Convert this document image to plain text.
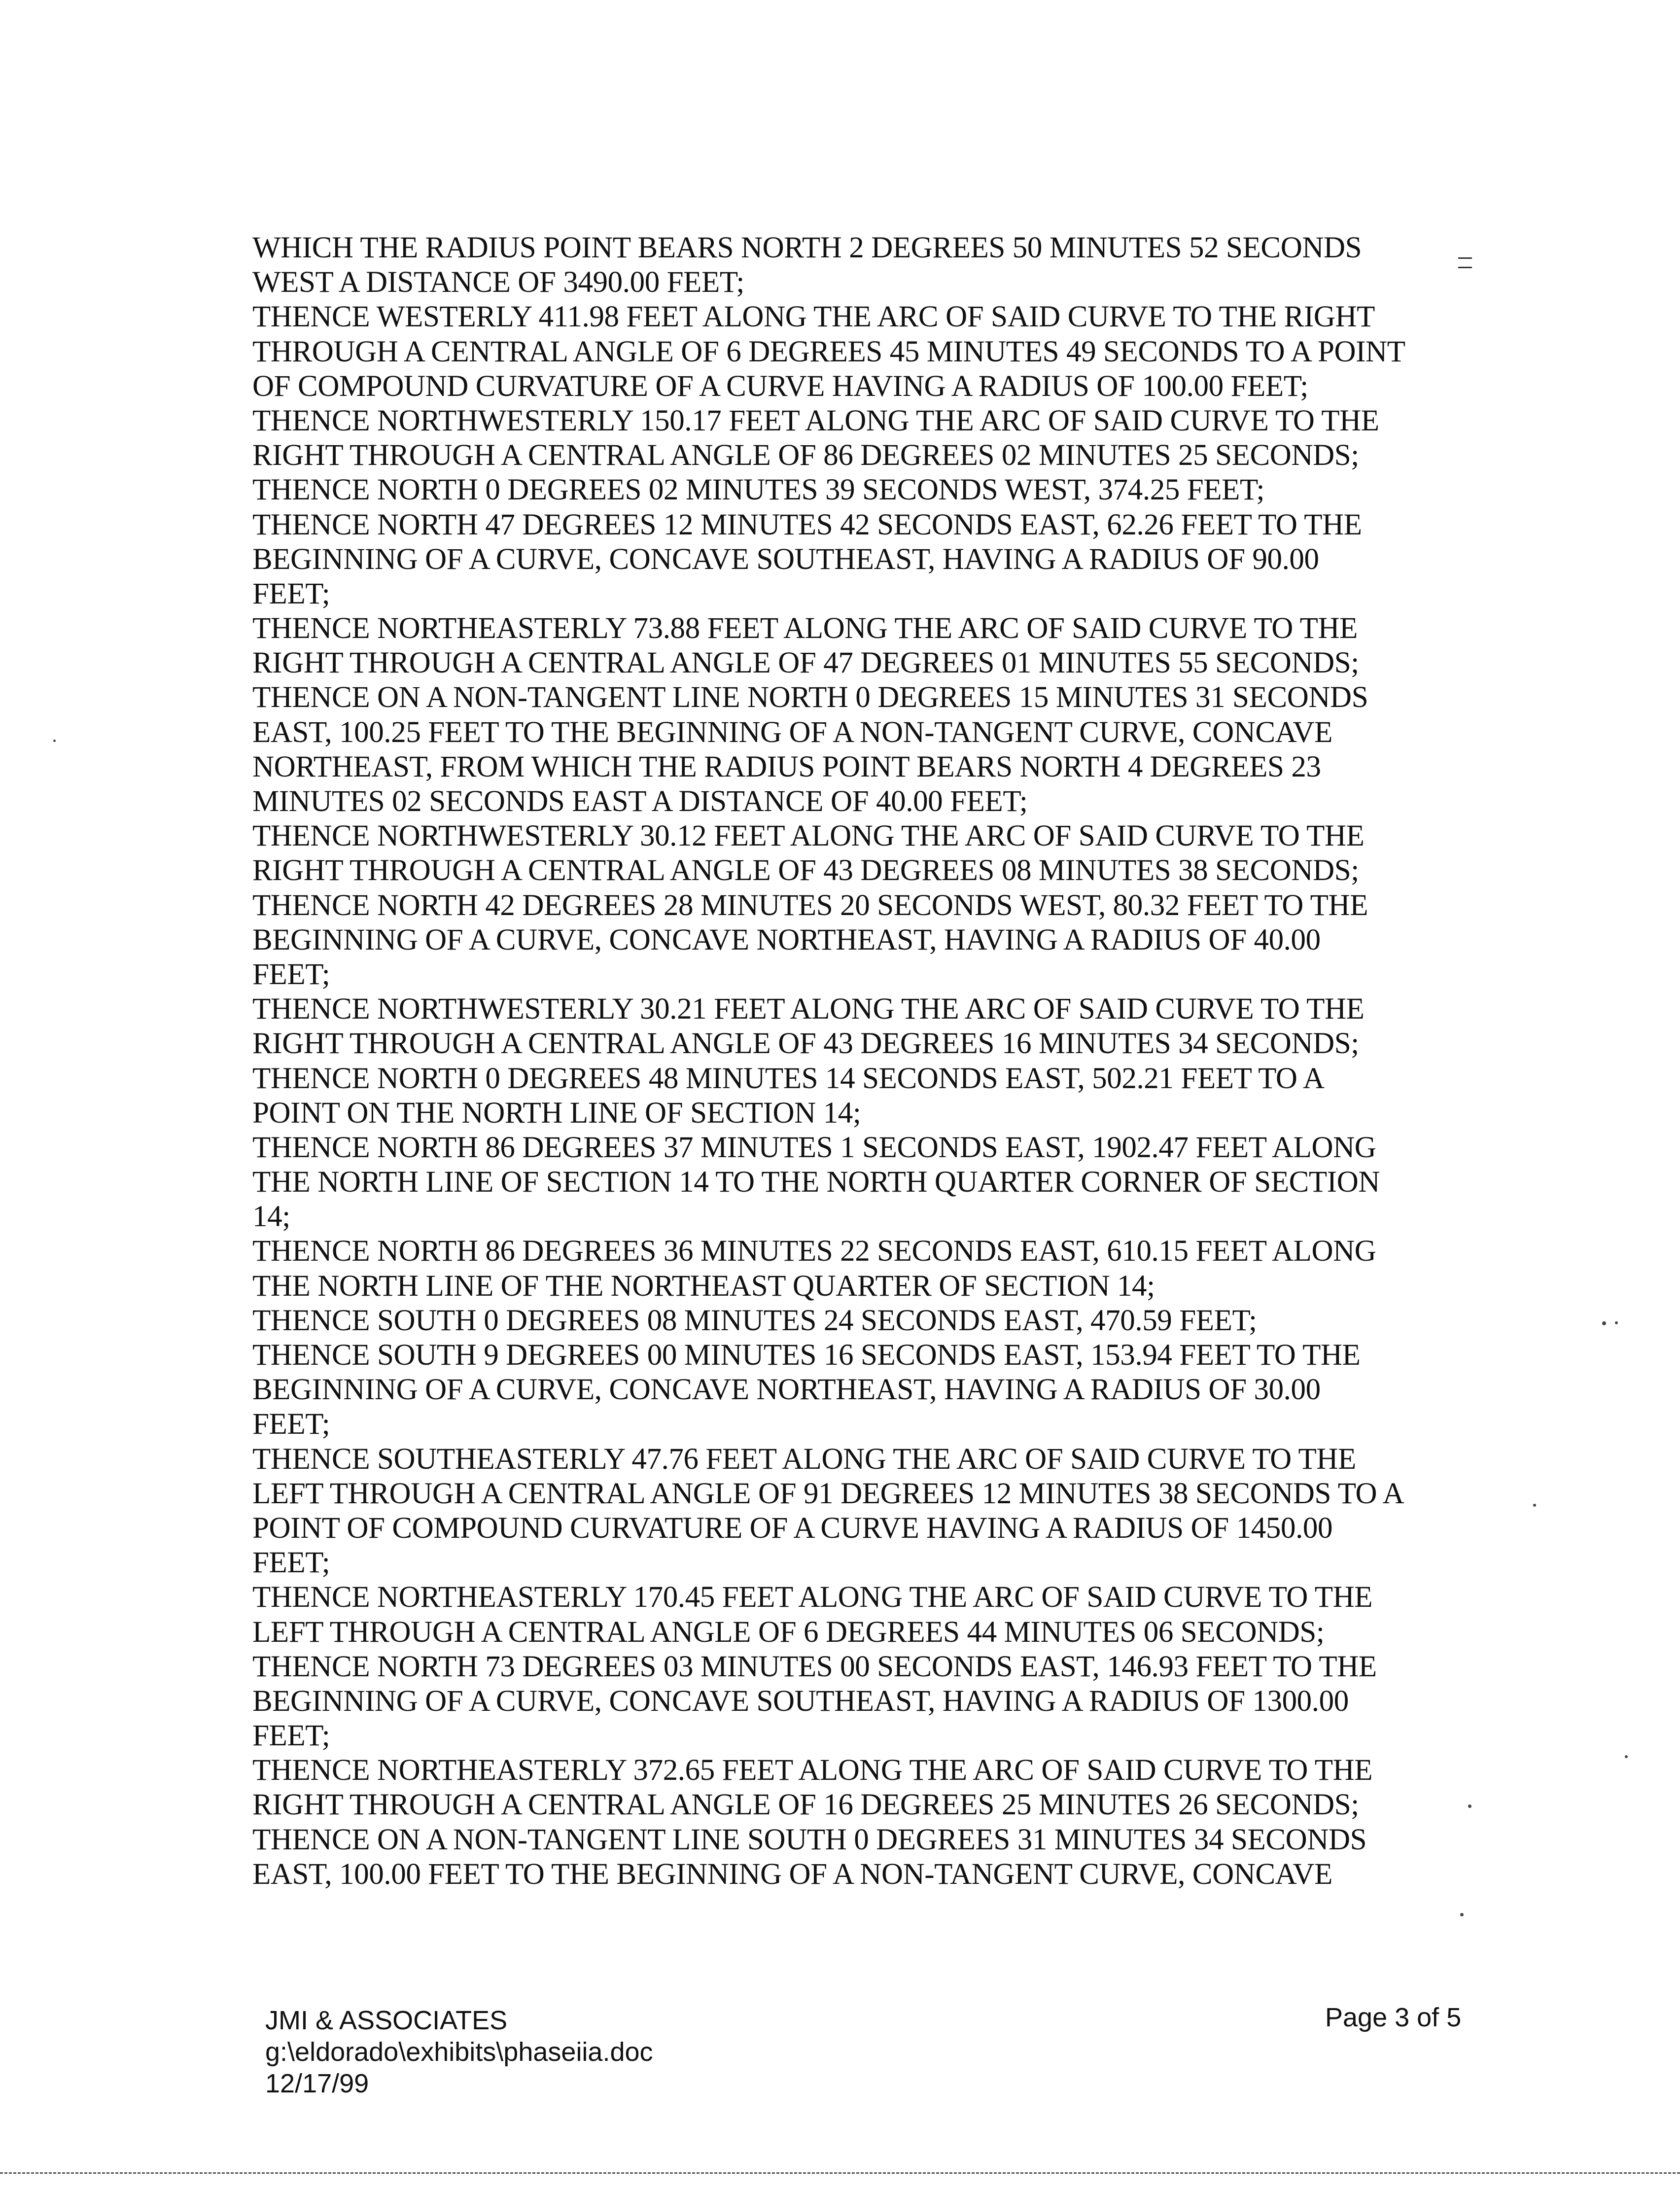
WHICH THE RADIUS POINT BEARS NORTH 2 DEGREES 50 MINUTES 52 SECONDS
WEST A DISTANCE OF 3490.00 FEET;
THENCE WESTERLY 411.98 FEET ALONG THE ARC OF SAID CURVE TO THE RIGHT
THROUGH A CENTRAL ANGLE OF 6 DEGREES 45 MINUTES 49 SECONDS TO A POINT
OF COMPOUND CURVATURE OF A CURVE HAVING A RADIUS OF 100.00 FEET;
THENCE NORTHWESTERLY 150.17 FEET ALONG THE ARC OF SAID CURVE TO THE
RIGHT THROUGH A CENTRAL ANGLE OF 86 DEGREES 02 MINUTES 25 SECONDS;
THENCE NORTH 0 DEGREES 02 MINUTES 39 SECONDS WEST, 374.25 FEET;
THENCE NORTH 47 DEGREES 12 MINUTES 42 SECONDS EAST, 62.26 FEET TO THE
BEGINNING OF A CURVE, CONCAVE SOUTHEAST, HAVING A RADIUS OF 90.00
FEET;
THENCE NORTHEASTERLY 73.88 FEET ALONG THE ARC OF SAID CURVE TO THE
RIGHT THROUGH A CENTRAL ANGLE OF 47 DEGREES 01 MINUTES 55 SECONDS;
THENCE ON A NON-TANGENT LINE NORTH 0 DEGREES 15 MINUTES 31 SECONDS
EAST, 100.25 FEET TO THE BEGINNING OF A NON-TANGENT CURVE, CONCAVE
NORTHEAST, FROM WHICH THE RADIUS POINT BEARS NORTH 4 DEGREES 23
MINUTES 02 SECONDS EAST A DISTANCE OF 40.00 FEET;
THENCE NORTHWESTERLY 30.12 FEET ALONG THE ARC OF SAID CURVE TO THE
RIGHT THROUGH A CENTRAL ANGLE OF 43 DEGREES 08 MINUTES 38 SECONDS;
THENCE NORTH 42 DEGREES 28 MINUTES 20 SECONDS WEST, 80.32 FEET TO THE
BEGINNING OF A CURVE, CONCAVE NORTHEAST, HAVING A RADIUS OF 40.00
FEET;
THENCE NORTHWESTERLY 30.21 FEET ALONG THE ARC OF SAID CURVE TO THE
RIGHT THROUGH A CENTRAL ANGLE OF 43 DEGREES 16 MINUTES 34 SECONDS;
THENCE NORTH 0 DEGREES 48 MINUTES 14 SECONDS EAST, 502.21 FEET TO A
POINT ON THE NORTH LINE OF SECTION 14;
THENCE NORTH 86 DEGREES 37 MINUTES 1 SECONDS EAST, 1902.47 FEET ALONG
THE NORTH LINE OF SECTION 14 TO THE NORTH QUARTER CORNER OF SECTION
14;
THENCE NORTH 86 DEGREES 36 MINUTES 22 SECONDS EAST, 610.15 FEET ALONG
THE NORTH LINE OF THE NORTHEAST QUARTER OF SECTION 14;
THENCE SOUTH 0 DEGREES 08 MINUTES 24 SECONDS EAST, 470.59 FEET;
THENCE SOUTH 9 DEGREES 00 MINUTES 16 SECONDS EAST, 153.94 FEET TO THE
BEGINNING OF A CURVE, CONCAVE NORTHEAST, HAVING A RADIUS OF 30.00
FEET;
THENCE SOUTHEASTERLY 47.76 FEET ALONG THE ARC OF SAID CURVE TO THE
LEFT THROUGH A CENTRAL ANGLE OF 91 DEGREES 12 MINUTES 38 SECONDS TO A
POINT OF COMPOUND CURVATURE OF A CURVE HAVING A RADIUS OF 1450.00
FEET;
THENCE NORTHEASTERLY 170.45 FEET ALONG THE ARC OF SAID CURVE TO THE
LEFT THROUGH A CENTRAL ANGLE OF 6 DEGREES 44 MINUTES 06 SECONDS;
THENCE NORTH 73 DEGREES 03 MINUTES 00 SECONDS EAST, 146.93 FEET TO THE
BEGINNING OF A CURVE, CONCAVE SOUTHEAST, HAVING A RADIUS OF 1300.00
FEET;
THENCE NORTHEASTERLY 372.65 FEET ALONG THE ARC OF SAID CURVE TO THE
RIGHT THROUGH A CENTRAL ANGLE OF 16 DEGREES 25 MINUTES 26 SECONDS;
THENCE ON A NON-TANGENT LINE SOUTH 0 DEGREES 31 MINUTES 34 SECONDS
EAST, 100.00 FEET TO THE BEGINNING OF A NON-TANGENT CURVE, CONCAVE
JMI & ASSOCIATES
g:\eldorado\exhibits\phaseiia.doc
12/17/99
Page 3 of 5
